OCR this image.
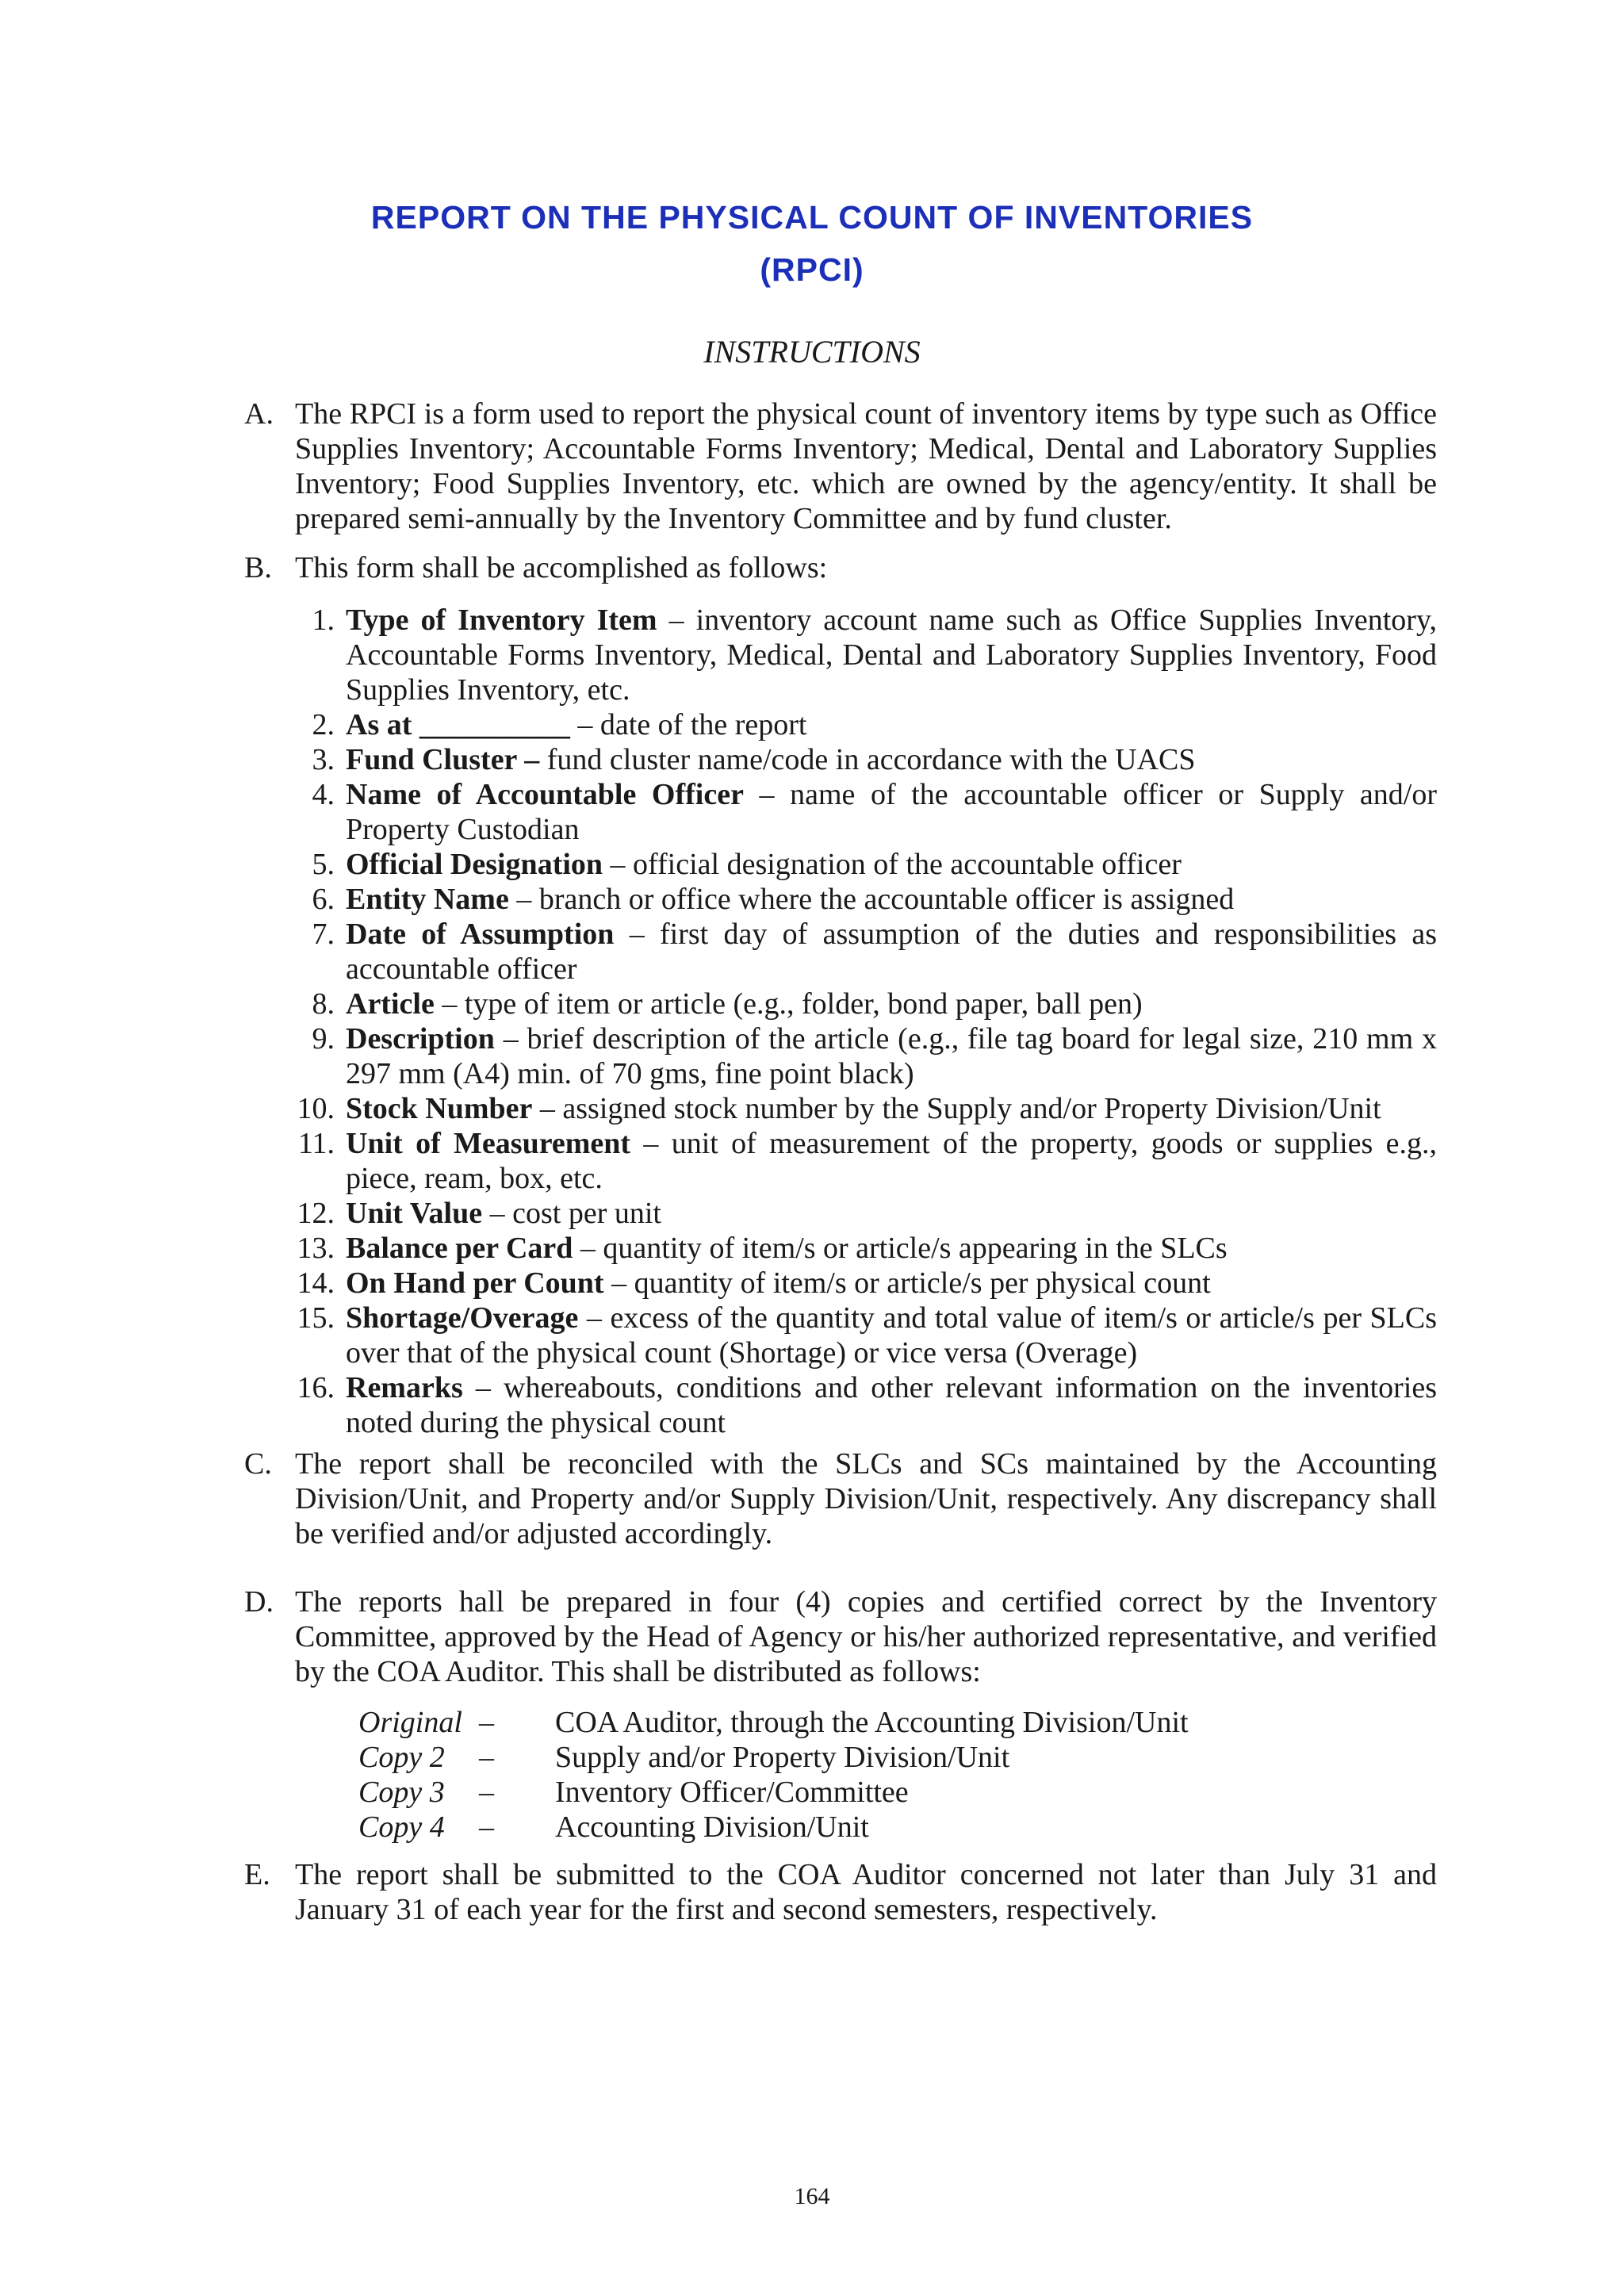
REPORT ON THE PHYSICAL COUNT OF INVENTORIES
(RPCI)
INSTRUCTIONS
A. The RPCI is a form used to report the physical count of inventory items by type such as Office Supplies Inventory; Accountable Forms Inventory; Medical, Dental and Laboratory Supplies Inventory; Food Supplies Inventory, etc. which are owned by the agency/entity. It shall be prepared semi-annually by the Inventory Committee and by fund cluster.
B. This form shall be accomplished as follows:
1. Type of Inventory Item – inventory account name such as Office Supplies Inventory, Accountable Forms Inventory, Medical, Dental and Laboratory Supplies Inventory, Food Supplies Inventory, etc.
2. As at __________ – date of the report
3. Fund Cluster – fund cluster name/code in accordance with the UACS
4. Name of Accountable Officer – name of the accountable officer or Supply and/or Property Custodian
5. Official Designation – official designation of the accountable officer
6. Entity Name – branch or office where the accountable officer is assigned
7. Date of Assumption – first day of assumption of the duties and responsibilities as accountable officer
8. Article – type of item or article (e.g., folder, bond paper, ball pen)
9. Description – brief description of the article (e.g., file tag board for legal size, 210 mm x 297 mm (A4) min. of 70 gms, fine point black)
10. Stock Number – assigned stock number by the Supply and/or Property Division/Unit
11. Unit of Measurement – unit of measurement of the property, goods or supplies e.g., piece, ream, box, etc.
12. Unit Value – cost per unit
13. Balance per Card – quantity of item/s or article/s appearing in the SLCs
14. On Hand per Count – quantity of item/s or article/s per physical count
15. Shortage/Overage – excess of the quantity and total value of item/s or article/s per SLCs over that of the physical count (Shortage) or vice versa (Overage)
16. Remarks – whereabouts, conditions and other relevant information on the inventories noted during the physical count
C. The report shall be reconciled with the SLCs and SCs maintained by the Accounting Division/Unit, and Property and/or Supply Division/Unit, respectively. Any discrepancy shall be verified and/or adjusted accordingly.
D. The reports hall be prepared in four (4) copies and certified correct by the Inventory Committee, approved by the Head of Agency or his/her authorized representative, and verified by the COA Auditor. This shall be distributed as follows:
Original – COA Auditor, through the Accounting Division/Unit
Copy 2 – Supply and/or Property Division/Unit
Copy 3 – Inventory Officer/Committee
Copy 4 – Accounting Division/Unit
E. The report shall be submitted to the COA Auditor concerned not later than July 31 and January 31 of each year for the first and second semesters, respectively.
164
